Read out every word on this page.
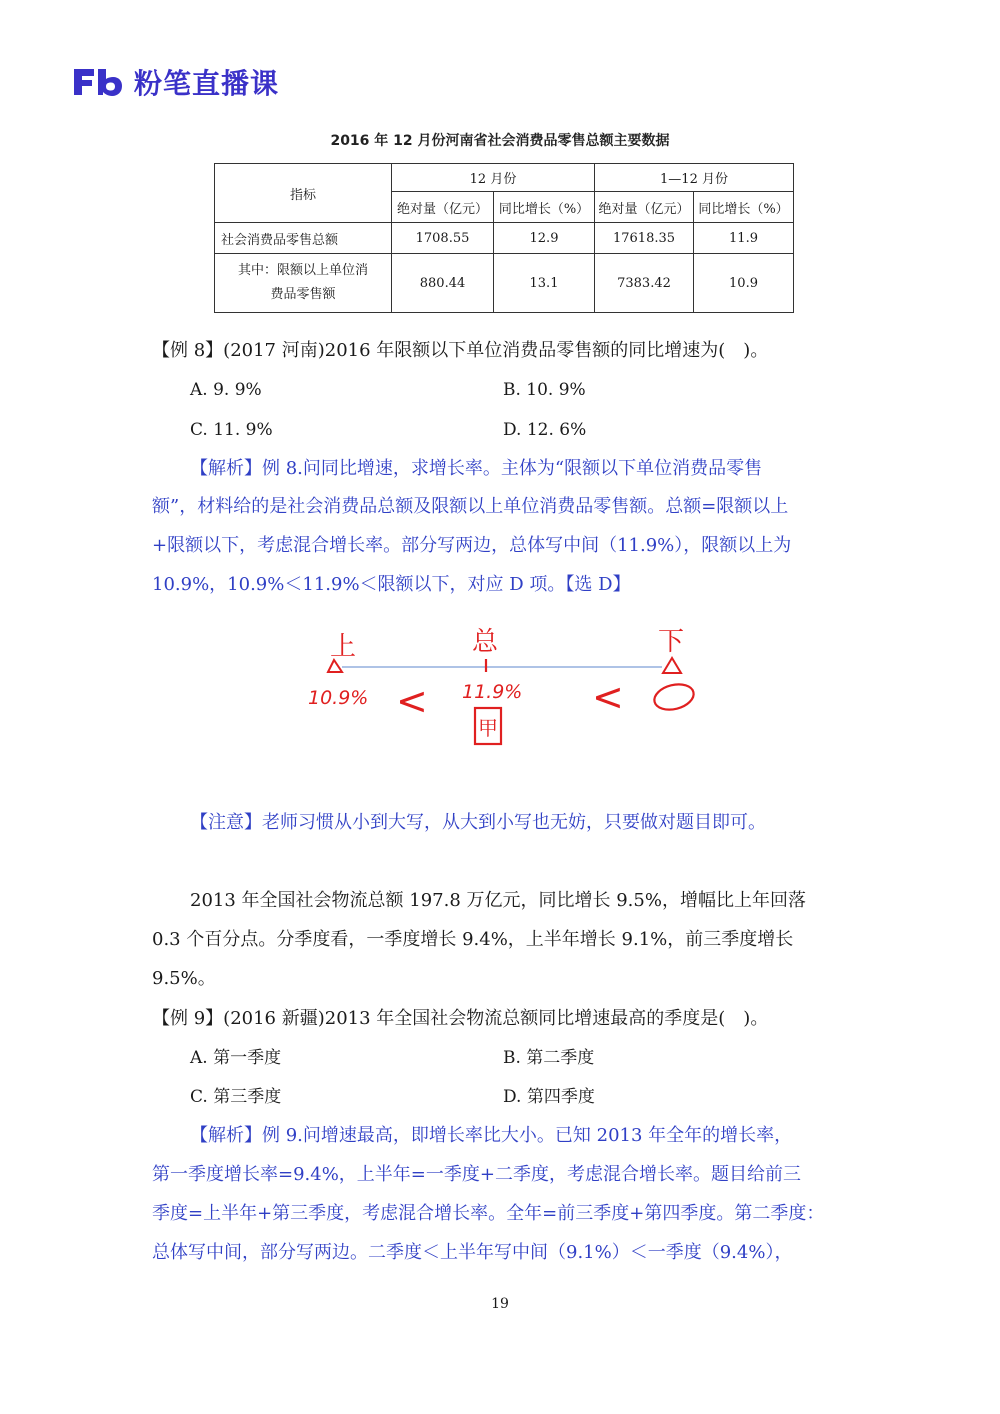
粉笔直播课
2016 年 12 月份河南省社会消费品零售总额主要数据
指标	12 月份		1—12 月份	
	绝对量（亿元）	同比增长（%）	绝对量（亿元）	同比增长（%）
社会消费品零售总额	1708.55	12.9	17618.35	11.9

其中：限额以上单位消
费品零售额	880.44	13.1	7383.42	10.9
【例 8】(2017 河南)2016 年限额以下单位消费品零售额的同比增速为(　)。
A. 9. 9%	B. 10. 9%
C. 11. 9%	D. 12. 6%
【解析】例 8.问同比增速，求增长率。主体为“限额以下单位消费品零售
额”，材料给的是社会消费品总额及限额以上单位消费品零售额。总额=限额以上
+限额以下，考虑混合增长率。部分写两边，总体写中间（11.9%），限额以上为
10.9%，10.9%＜11.9%＜限额以下，对应 D 项。【选 D】
上	总	下
10.9% < 11.9% <
甲
【注意】老师习惯从小到大写，从大到小写也无妨，只要做对题目即可。
2013 年全国社会物流总额 197.8 万亿元，同比增长 9.5%，增幅比上年回落
0.3 个百分点。分季度看，一季度增长 9.4%，上半年增长 9.1%，前三季度增长
9.5%。
【例 9】(2016 新疆)2013 年全国社会物流总额同比增速最高的季度是(　)。
A. 第一季度	B. 第二季度
C. 第三季度	D. 第四季度
【解析】例 9.问增速最高，即增长率比大小。已知 2013 年全年的增长率，
第一季度增长率=9.4%，上半年=一季度+二季度，考虑混合增长率。题目给前三
季度=上半年+第三季度，考虑混合增长率。全年=前三季度+第四季度。第二季度：
总体写中间，部分写两边。二季度＜上半年写中间（9.1%）＜一季度（9.4%），
19
